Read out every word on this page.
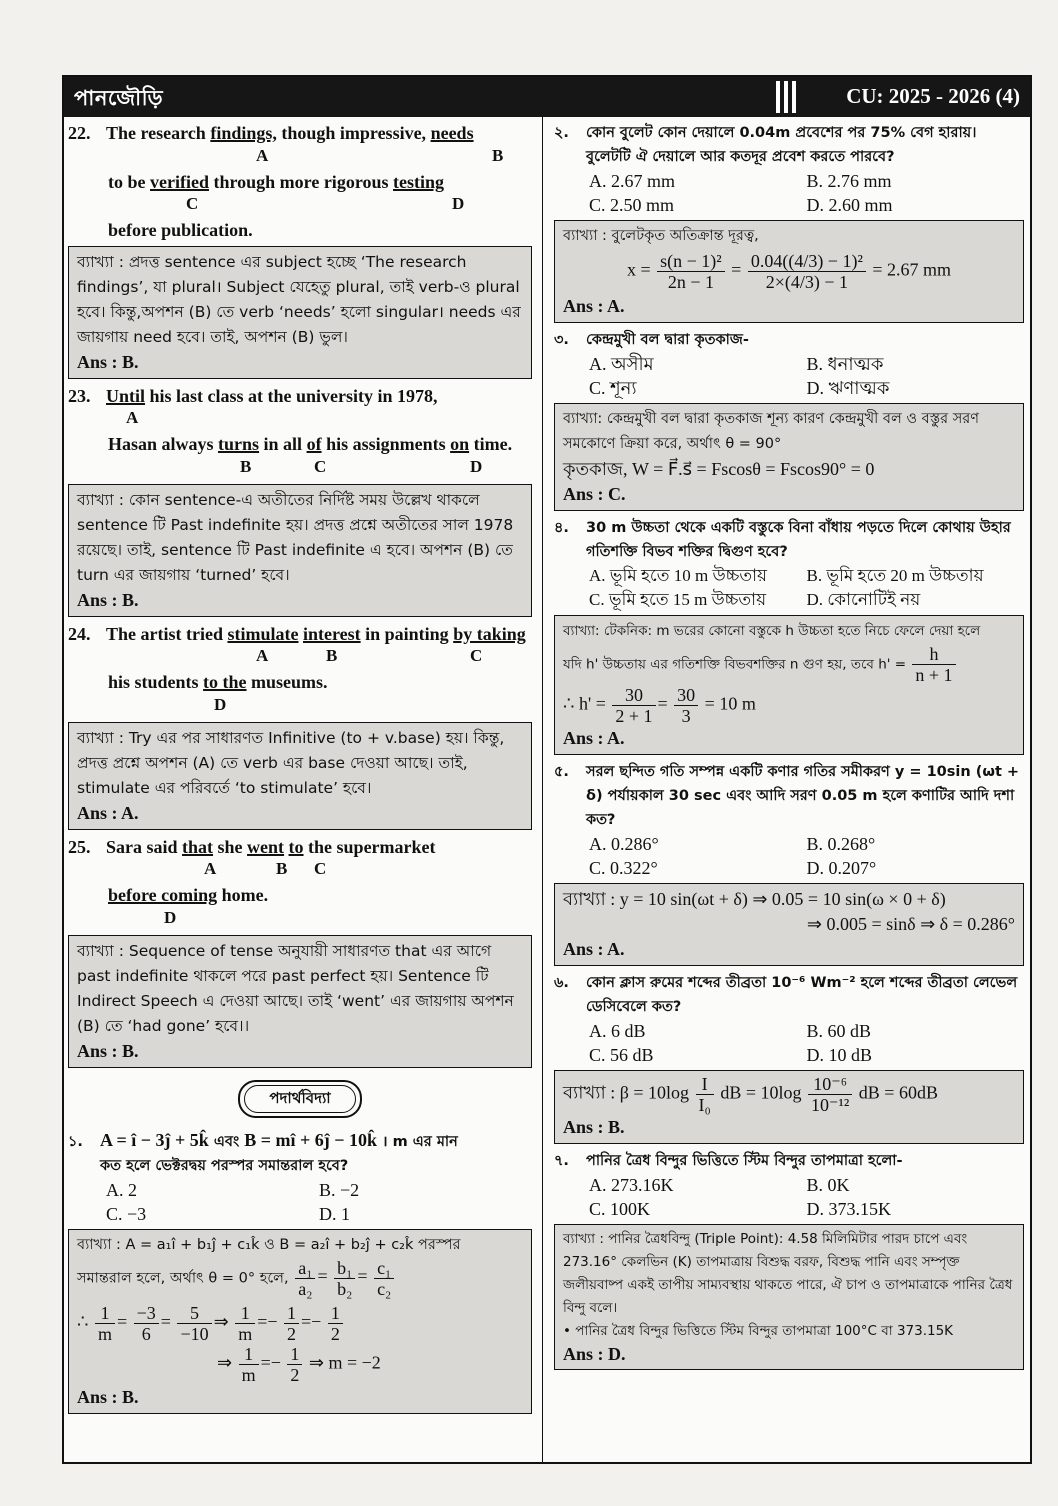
পানজৌড়ি	CU: 2025 - 2026 (4)
22. The research findings, though impressive, needs
A	B
to be verified through more rigorous testing
C	D
before publication.
ব্যাখ্যা : প্রদত্ত sentence এর subject হচ্ছে ‘The research findings’, যা plural। Subject যেহেতু plural, তাই verb-ও plural হবে। কিন্তু,অপশন (B) তে verb ‘needs’ হলো singular। needs এর জায়গায় need হবে। তাই, অপশন (B) ভুল।
Ans : B.
23. Until his last class at the university in 1978,
A
Hasan always turns in all of his assignments on time.
B	C	D
ব্যাখ্যা : কোন sentence-এ অতীতের নির্দিষ্ট সময় উল্লেখ থাকলে sentence টি Past indefinite হয়। প্রদত্ত প্রশ্নে অতীতের সাল 1978 রয়েছে। তাই, sentence টি Past indefinite এ হবে। অপশন (B) তে turn এর জায়গায় ‘turned’ হবে।
Ans : B.
24. The artist tried stimulate interest in painting by taking
A	B	C
his students to the museums.
D
ব্যাখ্যা : Try এর পর সাধারণত Infinitive (to + v.base) হয়। কিন্তু, প্রদত্ত প্রশ্নে অপশন (A) তে verb এর base দেওয়া আছে। তাই, stimulate এর পরিবর্তে ‘to stimulate’ হবে।
Ans : A.
25. Sara said that she went to the supermarket
A	B C
before coming home.
D
ব্যাখ্যা : Sequence of tense অনুযায়ী সাধারণত that এর আগে past indefinite থাকলে পরে past perfect হয়। Sentence টি Indirect Speech এ দেওয়া আছে। তাই ‘went’ এর জায়গায় অপশন (B) তে ‘had gone’ হবে।।
Ans : B.
পদার্থবিদ্যা
১. A = î − 3ĵ + 5k̂ এবং B = mî + 6ĵ − 10k̂ । m এর মান
কত হলে ভেক্টরদ্বয় পরস্পর সমান্তরাল হবে?
A. 2	B. −2
C. −3	D. 1
ব্যাখ্যা : A = a₁î + b₁ĵ + c₁k̂ ও B = a₂î + b₂ĵ + c₂k̂ পরস্পর
সমান্তরাল হলে, অর্থাৎ θ = 0° হলে, $\frac{\text{a₁}}{\text{a₂}} = \frac{\text{b₁}}{\text{b₂}} = \frac{\text{c₁}}{\text{c₂}}$
∴ $\frac{1}{m} = \frac{-3}{6} = \frac{5}{-10}$ ⇒ $\frac{1}{m} =- \frac{1}{2} =- \frac{1}{2}$
⇒ $\frac{1}{m} =- \frac{1}{2}$ ⇒ m = −2
Ans : B.
২. কোন বুলেট কোন দেয়ালে 0.04m প্রবেশের পর 75% বেগ হারায়। বুলেটটি ঐ দেয়ালে আর কতদূর প্রবেশ করতে পারবে?
A. 2.67 mm	B. 2.76 mm
C. 2.50 mm	D. 2.60 mm
ব্যাখ্যা : বুলেটকৃত অতিক্রান্ত দূরত্ব,
$x = \frac{\text{s(n − 1)²}}{2n - 1} = \frac{\text{0.04((4/3) − 1)²}}{2\times(4/3) - 1} = 2.67$ mm
Ans : A.
৩. কেন্দ্রমুখী বল দ্বারা কৃতকাজ-
A. অসীম	B. ধনাত্মক
C. শূন্য	D. ঋণাত্মক
ব্যাখ্যা: কেন্দ্রমুখী বল দ্বারা কৃতকাজ শূন্য কারণ কেন্দ্রমুখী বল ও বস্তুর সরণ সমকোণে ক্রিয়া করে, অর্থাৎ θ = 90°
কৃতকাজ, W = F⃗.s⃗ = Fscosθ = Fscos90° = 0
Ans : C.
৪. 30 m উচ্চতা থেকে একটি বস্তুকে বিনা বাঁধায় পড়তে দিলে কোথায় উহার গতিশক্তি বিভব শক্তির দ্বিগুণ হবে?
A. ভূমি হতে 10 m উচ্চতায়	B. ভূমি হতে 20 m উচ্চতায়
C. ভূমি হতে 15 m উচ্চতায়	D. কোনোটিই নয়
ব্যাখ্যা: টেকনিক: m ভরের কোনো বস্তুকে h উচ্চতা হতে নিচে ফেলে দেয়া হলে
যদি h' উচ্চতায় এর গতিশক্তি বিভবশক্তির n গুণ হয়, তবে $h' = \frac{h}{n + 1}$
∴ $h' = \frac{30}{2 + 1} = \frac{30}{3} = 10$ m
Ans : A.
৫. সরল ছন্দিত গতি সম্পন্ন একটি কণার গতির সমীকরণ y = 10sin (ωt + δ) পর্যায়কাল 30 sec এবং আদি সরণ 0.05 m হলে কণাটির আদি দশা কত?
A. 0.286°	B. 0.268°
C. 0.322°	D. 0.207°
ব্যাখ্যা : y = 10 sin(ωt + δ) ⇒ 0.05 = 10 sin(ω × 0 + δ)
⇒ 0.005 = sinδ ⇒ δ = 0.286°
Ans : A.
৬. কোন ক্লাস রুমের শব্দের তীব্রতা 10⁻⁶ Wm⁻² হলে শব্দের তীব্রতা লেভেল ডেসিবেলে কত?
A. 6 dB	B. 60 dB
C. 56 dB	D. 10 dB
ব্যাখ্যা : $\beta = 10\log \frac{I}{\text{I₀}}$ dB = $10\log \frac{\text{10⁻⁶}}{\text{10⁻¹²}}$ dB = 60dB
Ans : B.
৭. পানির ত্রৈধ বিন্দুর ভিত্তিতে স্টিম বিন্দুর তাপমাত্রা হলো-
A. 273.16K	B. 0K
C. 100K	D. 373.15K
ব্যাখ্যা : পানির ত্রৈধবিন্দু (Triple Point): 4.58 মিলিমিটার পারদ চাপে এবং 273.16° কেলভিন (K) তাপমাত্রায় বিশুদ্ধ বরফ, বিশুদ্ধ পানি এবং সম্পৃক্ত জলীয়বাষ্প একই তাপীয় সাম্যবস্থায় থাকতে পারে, ঐ চাপ ও তাপমাত্রাকে পানির ত্রৈধ বিন্দু বলে।
• পানির ত্রৈধ বিন্দুর ভিত্তিতে স্টিম বিন্দুর তাপমাত্রা 100°C বা 373.15K
Ans : D.
